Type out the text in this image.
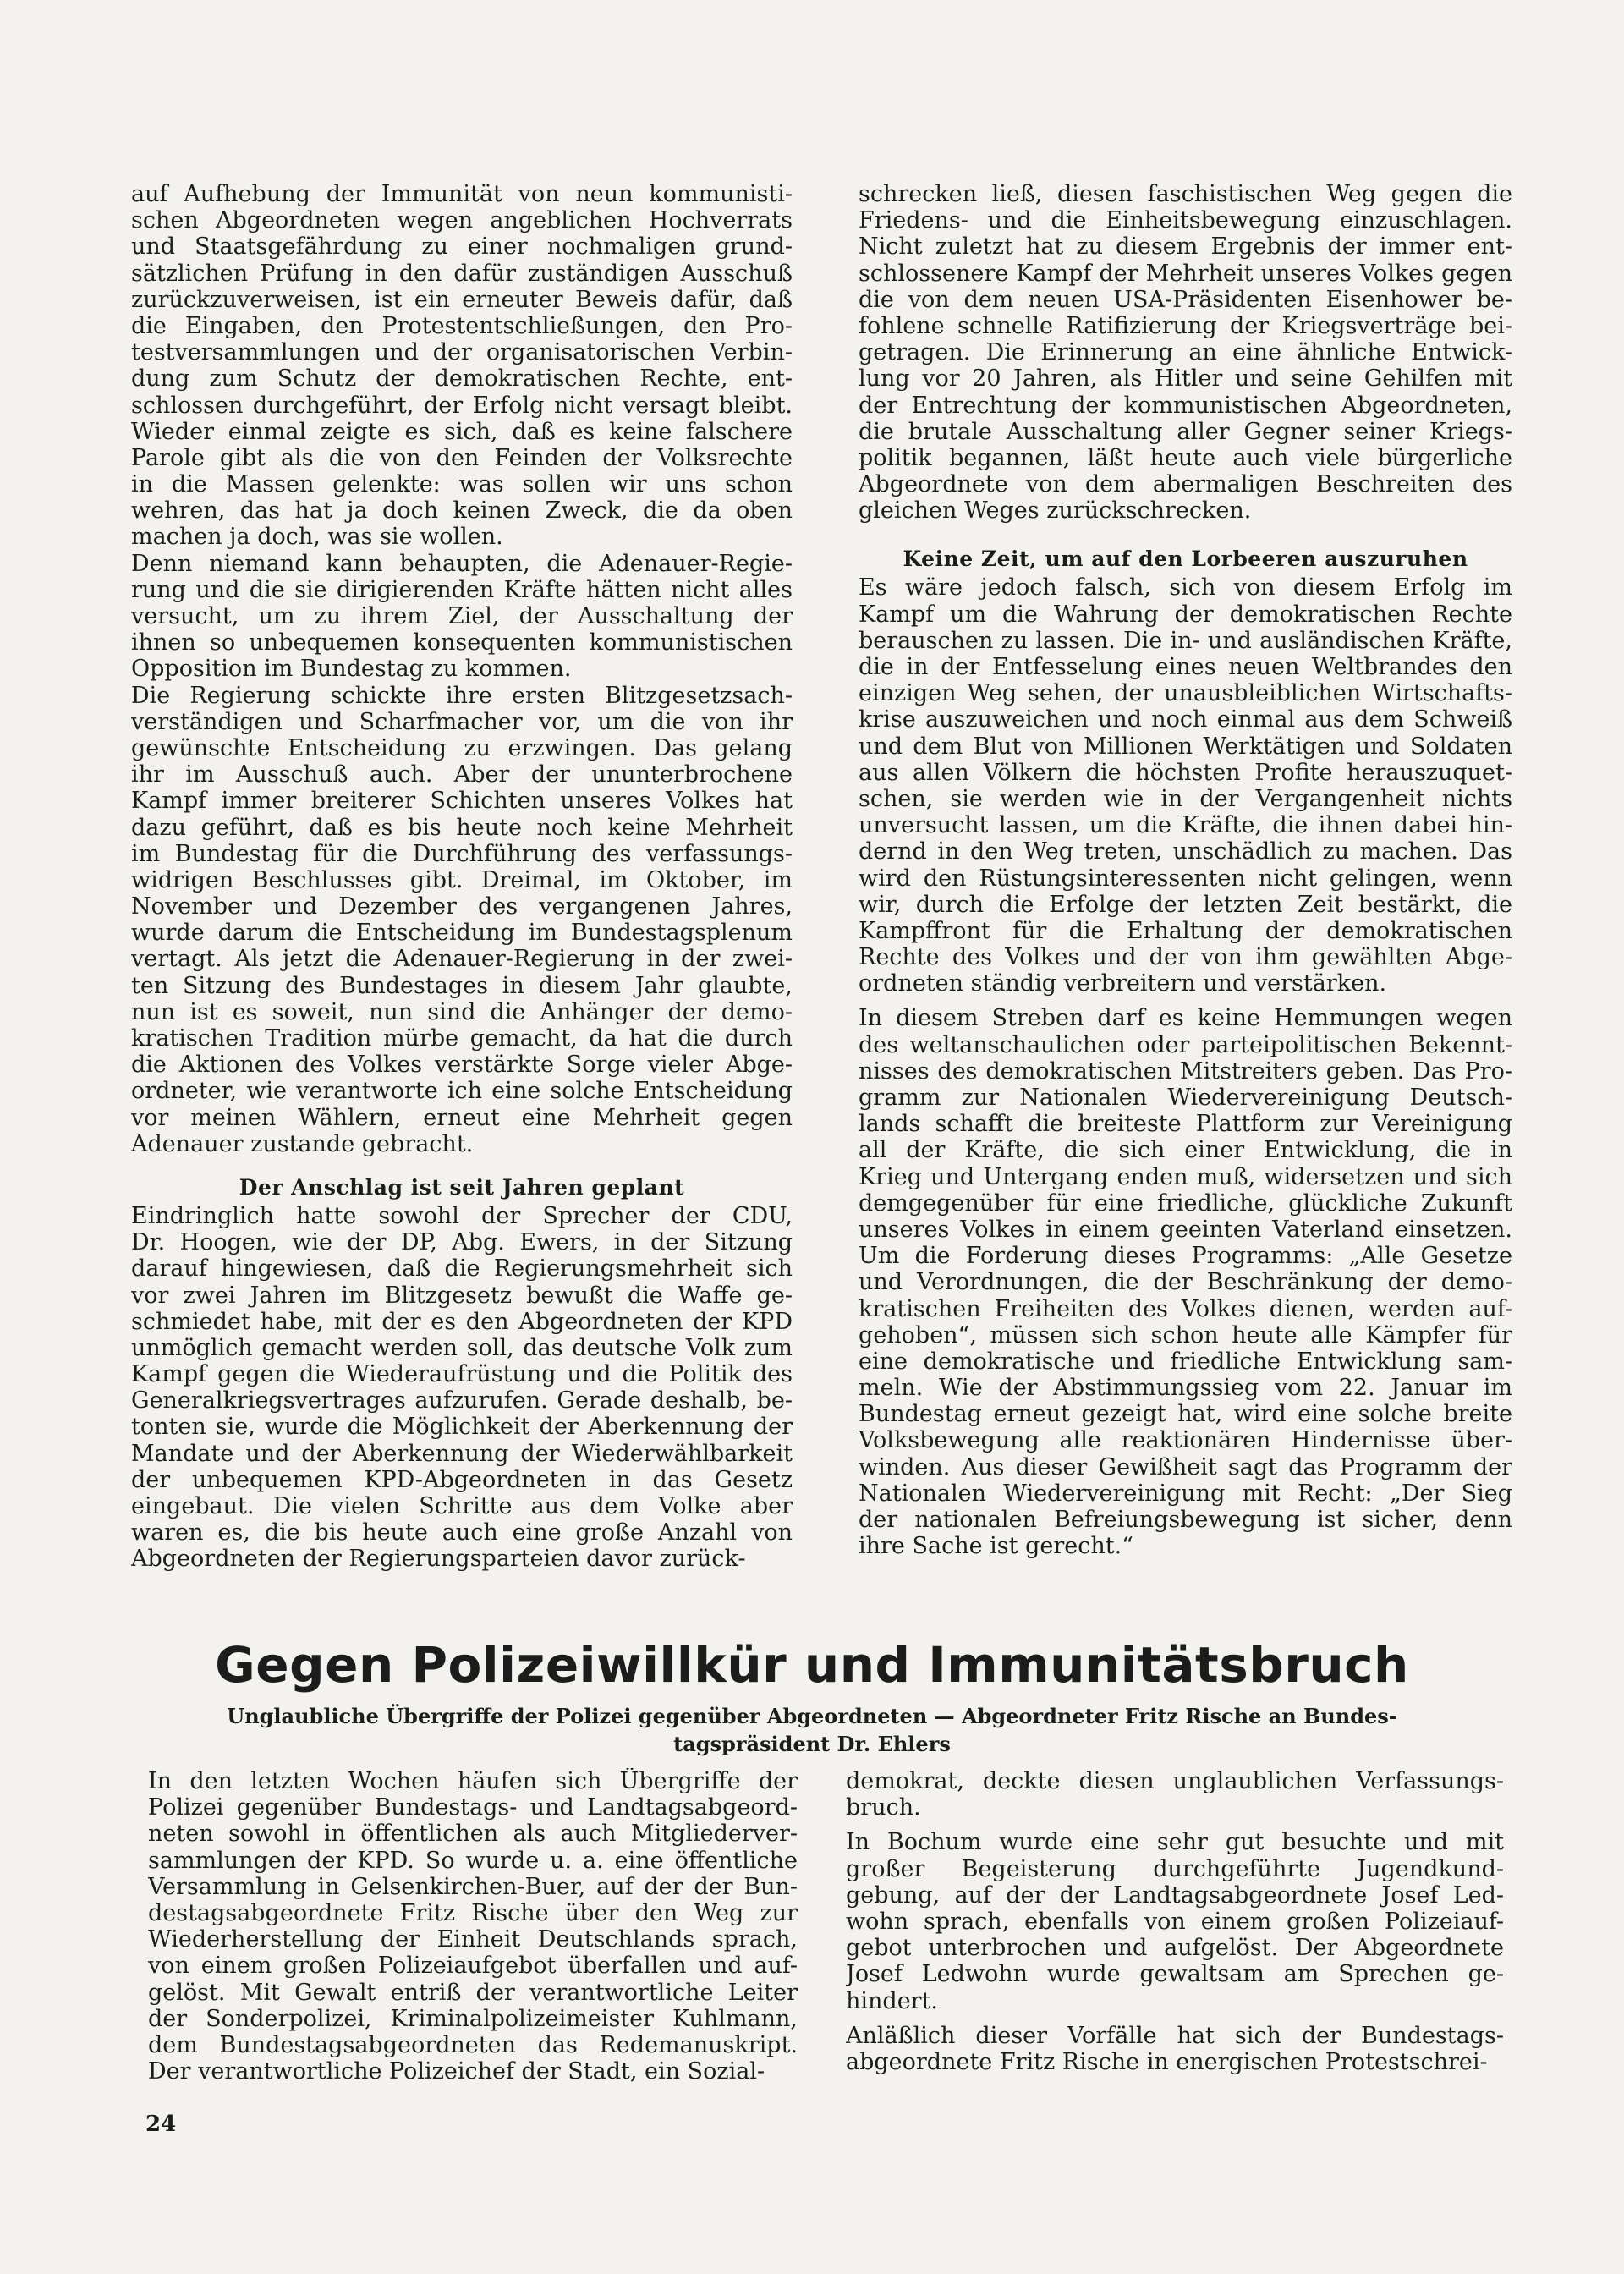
auf Aufhebung der Immunität von neun kommunisti-
schen Abgeordneten wegen angeblichen Hochverrats
und Staatsgefährdung zu einer nochmaligen grund-
sätzlichen Prüfung in den dafür zuständigen Ausschuß
zurückzuverweisen, ist ein erneuter Beweis dafür, daß
die Eingaben, den Protestentschließungen, den Pro-
testversammlungen und der organisatorischen Verbin-
dung zum Schutz der demokratischen Rechte, ent-
schlossen durchgeführt, der Erfolg nicht versagt bleibt.
Wieder einmal zeigte es sich, daß es keine falschere
Parole gibt als die von den Feinden der Volksrechte
in die Massen gelenkte: was sollen wir uns schon
wehren, das hat ja doch keinen Zweck, die da oben
machen ja doch, was sie wollen.
Denn niemand kann behaupten, die Adenauer-Regie-
rung und die sie dirigierenden Kräfte hätten nicht alles
versucht, um zu ihrem Ziel, der Ausschaltung der
ihnen so unbequemen konsequenten kommunistischen
Opposition im Bundestag zu kommen.
Die Regierung schickte ihre ersten Blitzgesetzsach-
verständigen und Scharfmacher vor, um die von ihr
gewünschte Entscheidung zu erzwingen. Das gelang
ihr im Ausschuß auch. Aber der ununterbrochene
Kampf immer breiterer Schichten unseres Volkes hat
dazu geführt, daß es bis heute noch keine Mehrheit
im Bundestag für die Durchführung des verfassungs-
widrigen Beschlusses gibt. Dreimal, im Oktober, im
November und Dezember des vergangenen Jahres,
wurde darum die Entscheidung im Bundestagsplenum
vertagt. Als jetzt die Adenauer-Regierung in der zwei-
ten Sitzung des Bundestages in diesem Jahr glaubte,
nun ist es soweit, nun sind die Anhänger der demo-
kratischen Tradition mürbe gemacht, da hat die durch
die Aktionen des Volkes verstärkte Sorge vieler Abge-
ordneter, wie verantworte ich eine solche Entscheidung
vor meinen Wählern, erneut eine Mehrheit gegen
Adenauer zustande gebracht.
Der Anschlag ist seit Jahren geplant
Eindringlich hatte sowohl der Sprecher der CDU,
Dr. Hoogen, wie der DP, Abg. Ewers, in der Sitzung
darauf hingewiesen, daß die Regierungsmehrheit sich
vor zwei Jahren im Blitzgesetz bewußt die Waffe ge-
schmiedet habe, mit der es den Abgeordneten der KPD
unmöglich gemacht werden soll, das deutsche Volk zum
Kampf gegen die Wiederaufrüstung und die Politik des
Generalkriegsvertrages aufzurufen. Gerade deshalb, be-
tonten sie, wurde die Möglichkeit der Aberkennung der
Mandate und der Aberkennung der Wiederwählbarkeit
der unbequemen KPD-Abgeordneten in das Gesetz
eingebaut. Die vielen Schritte aus dem Volke aber
waren es, die bis heute auch eine große Anzahl von
Abgeordneten der Regierungsparteien davor zurück-
schrecken ließ, diesen faschistischen Weg gegen die
Friedens- und die Einheitsbewegung einzuschlagen.
Nicht zuletzt hat zu diesem Ergebnis der immer ent-
schlossenere Kampf der Mehrheit unseres Volkes gegen
die von dem neuen USA-Präsidenten Eisenhower be-
fohlene schnelle Ratifizierung der Kriegsverträge bei-
getragen. Die Erinnerung an eine ähnliche Entwick-
lung vor 20 Jahren, als Hitler und seine Gehilfen mit
der Entrechtung der kommunistischen Abgeordneten,
die brutale Ausschaltung aller Gegner seiner Kriegs-
politik begannen, läßt heute auch viele bürgerliche
Abgeordnete von dem abermaligen Beschreiten des
gleichen Weges zurückschrecken.
Keine Zeit, um auf den Lorbeeren auszuruhen
Es wäre jedoch falsch, sich von diesem Erfolg im
Kampf um die Wahrung der demokratischen Rechte
berauschen zu lassen. Die in- und ausländischen Kräfte,
die in der Entfesselung eines neuen Weltbrandes den
einzigen Weg sehen, der unausbleiblichen Wirtschafts-
krise auszuweichen und noch einmal aus dem Schweiß
und dem Blut von Millionen Werktätigen und Soldaten
aus allen Völkern die höchsten Profite herauszuquet-
schen, sie werden wie in der Vergangenheit nichts
unversucht lassen, um die Kräfte, die ihnen dabei hin-
dernd in den Weg treten, unschädlich zu machen. Das
wird den Rüstungsinteressenten nicht gelingen, wenn
wir, durch die Erfolge der letzten Zeit bestärkt, die
Kampffront für die Erhaltung der demokratischen
Rechte des Volkes und der von ihm gewählten Abge-
ordneten ständig verbreitern und verstärken.
In diesem Streben darf es keine Hemmungen wegen
des weltanschaulichen oder parteipolitischen Bekennt-
nisses des demokratischen Mitstreiters geben. Das Pro-
gramm zur Nationalen Wiedervereinigung Deutsch-
lands schafft die breiteste Plattform zur Vereinigung
all der Kräfte, die sich einer Entwicklung, die in
Krieg und Untergang enden muß, widersetzen und sich
demgegenüber für eine friedliche, glückliche Zukunft
unseres Volkes in einem geeinten Vaterland einsetzen.
Um die Forderung dieses Programms: „Alle Gesetze
und Verordnungen, die der Beschränkung der demo-
kratischen Freiheiten des Volkes dienen, werden auf-
gehoben“, müssen sich schon heute alle Kämpfer für
eine demokratische und friedliche Entwicklung sam-
meln. Wie der Abstimmungssieg vom 22. Januar im
Bundestag erneut gezeigt hat, wird eine solche breite
Volksbewegung alle reaktionären Hindernisse über-
winden. Aus dieser Gewißheit sagt das Programm der
Nationalen Wiedervereinigung mit Recht: „Der Sieg
der nationalen Befreiungsbewegung ist sicher, denn
ihre Sache ist gerecht.“
Gegen Polizeiwillkür und Immunitätsbruch
Unglaubliche Übergriffe der Polizei gegenüber Abgeordneten — Abgeordneter Fritz Rische an Bundes-
tagspräsident Dr. Ehlers
In den letzten Wochen häufen sich Übergriffe der
Polizei gegenüber Bundestags- und Landtagsabgeord-
neten sowohl in öffentlichen als auch Mitgliederver-
sammlungen der KPD. So wurde u. a. eine öffentliche
Versammlung in Gelsenkirchen-Buer, auf der der Bun-
destagsabgeordnete Fritz Rische über den Weg zur
Wiederherstellung der Einheit Deutschlands sprach,
von einem großen Polizeiaufgebot überfallen und auf-
gelöst. Mit Gewalt entriß der verantwortliche Leiter
der Sonderpolizei, Kriminalpolizeimeister Kuhlmann,
dem Bundestagsabgeordneten das Redemanuskript.
Der verantwortliche Polizeichef der Stadt, ein Sozial-
demokrat, deckte diesen unglaublichen Verfassungs-
bruch.
In Bochum wurde eine sehr gut besuchte und mit
großer Begeisterung durchgeführte Jugendkund-
gebung, auf der der Landtagsabgeordnete Josef Led-
wohn sprach, ebenfalls von einem großen Polizeiauf-
gebot unterbrochen und aufgelöst. Der Abgeordnete
Josef Ledwohn wurde gewaltsam am Sprechen ge-
hindert.
Anläßlich dieser Vorfälle hat sich der Bundestags-
abgeordnete Fritz Rische in energischen Protestschrei-
24
